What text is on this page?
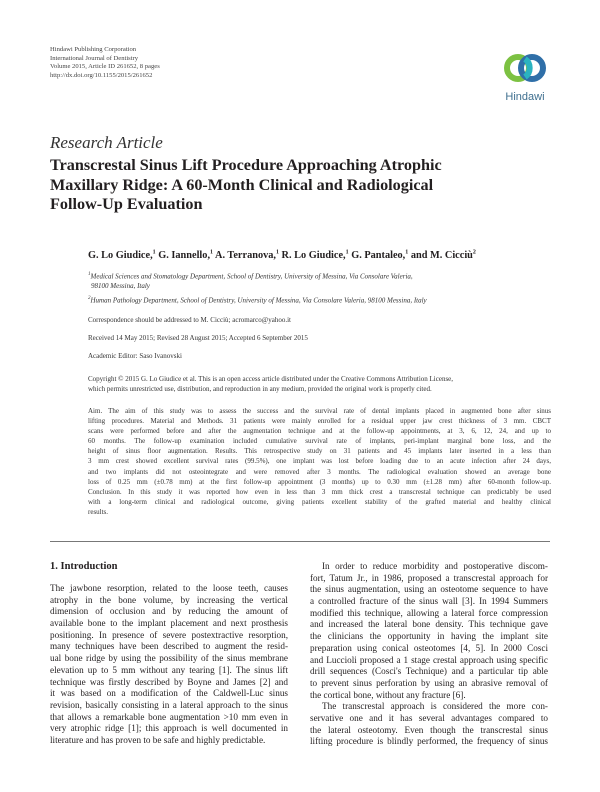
Hindawi Publishing Corporation
International Journal of Dentistry
Volume 2015, Article ID 261652, 8 pages
http://dx.doi.org/10.1155/2015/261652
Hindawi
Research Article
Transcrestal Sinus Lift Procedure Approaching Atrophic
Maxillary Ridge: A 60-Month Clinical and Radiological
Follow-Up Evaluation
G. Lo Giudice,$^1$ G. Iannello,$^1$ A. Terranova,$^1$ R. Lo Giudice,$^1$ G. Pantaleo,$^1$ and M. Cicciù$^2$
$^1$Medical Sciences and Stomatology Department, School of Dentistry, University of Messina, Via Consolare Valeria,
98100 Messina, Italy
$^2$Human Pathology Department, School of Dentistry, University of Messina, Via Consolare Valeria, 98100 Messina, Italy
Correspondence should be addressed to M. Cicciù; acromarco@yahoo.it
Received 14 May 2015; Revised 28 August 2015; Accepted 6 September 2015
Academic Editor: Saso Ivanovski
Copyright © 2015 G. Lo Giudice et al. This is an open access article distributed under the Creative Commons Attribution License,
which permits unrestricted use, distribution, and reproduction in any medium, provided the original work is properly cited.
Aim. The aim of this study was to assess the success and the survival rate of dental implants placed in augmented bone after sinus
lifting procedures. Material and Methods. 31 patients were mainly enrolled for a residual upper jaw crest thickness of 3 mm. CBCT
scans were performed before and after the augmentation technique and at the follow-up appointments, at 3, 6, 12, 24, and up to
60 months. The follow-up examination included cumulative survival rate of implants, peri-implant marginal bone loss, and the
height of sinus floor augmentation. Results. This retrospective study on 31 patients and 45 implants later inserted in a less than
3 mm crest showed excellent survival rates (99.5%), one implant was lost before loading due to an acute infection after 24 days,
and two implants did not osteointegrate and were removed after 3 months. The radiological evaluation showed an average bone
loss of 0.25 mm (±0.78 mm) at the first follow-up appointment (3 months) up to 0.30 mm (±1.28 mm) after 60-month follow-up.
Conclusion. In this study it was reported how even in less than 3 mm thick crest a transcrestal technique can predictably be used
with a long-term clinical and radiological outcome, giving patients excellent stability of the grafted material and healthy clinical
results.
1. Introduction
The jawbone resorption, related to the loose teeth, causes
atrophy in the bone volume, by increasing the vertical
dimension of occlusion and by reducing the amount of
available bone to the implant placement and next prosthesis
positioning. In presence of severe postextractive resorption,
many techniques have been described to augment the resid-
ual bone ridge by using the possibility of the sinus membrane
elevation up to 5 mm without any tearing [1]. The sinus lift
technique was firstly described by Boyne and James [2] and
it was based on a modification of the Caldwell-Luc sinus
revision, basically consisting in a lateral approach to the sinus
that allows a remarkable bone augmentation >10 mm even in
very atrophic ridge [1]; this approach is well documented in
literature and has proven to be safe and highly predictable.
In order to reduce morbidity and postoperative discom-
fort, Tatum Jr., in 1986, proposed a transcrestal approach for
the sinus augmentation, using an osteotome sequence to have
a controlled fracture of the sinus wall [3]. In 1994 Summers
modified this technique, allowing a lateral force compression
and increased the lateral bone density. This technique gave
the clinicians the opportunity in having the implant site
preparation using conical osteotomes [4, 5]. In 2000 Cosci
and Luccioli proposed a 1 stage crestal approach using specific
drill sequences (Cosci's Technique) and a particular tip able
to prevent sinus perforation by using an abrasive removal of
the cortical bone, without any fracture [6].
The transcrestal approach is considered the more con-
servative one and it has several advantages compared to
the lateral osteotomy. Even though the transcrestal sinus
lifting procedure is blindly performed, the frequency of sinus
